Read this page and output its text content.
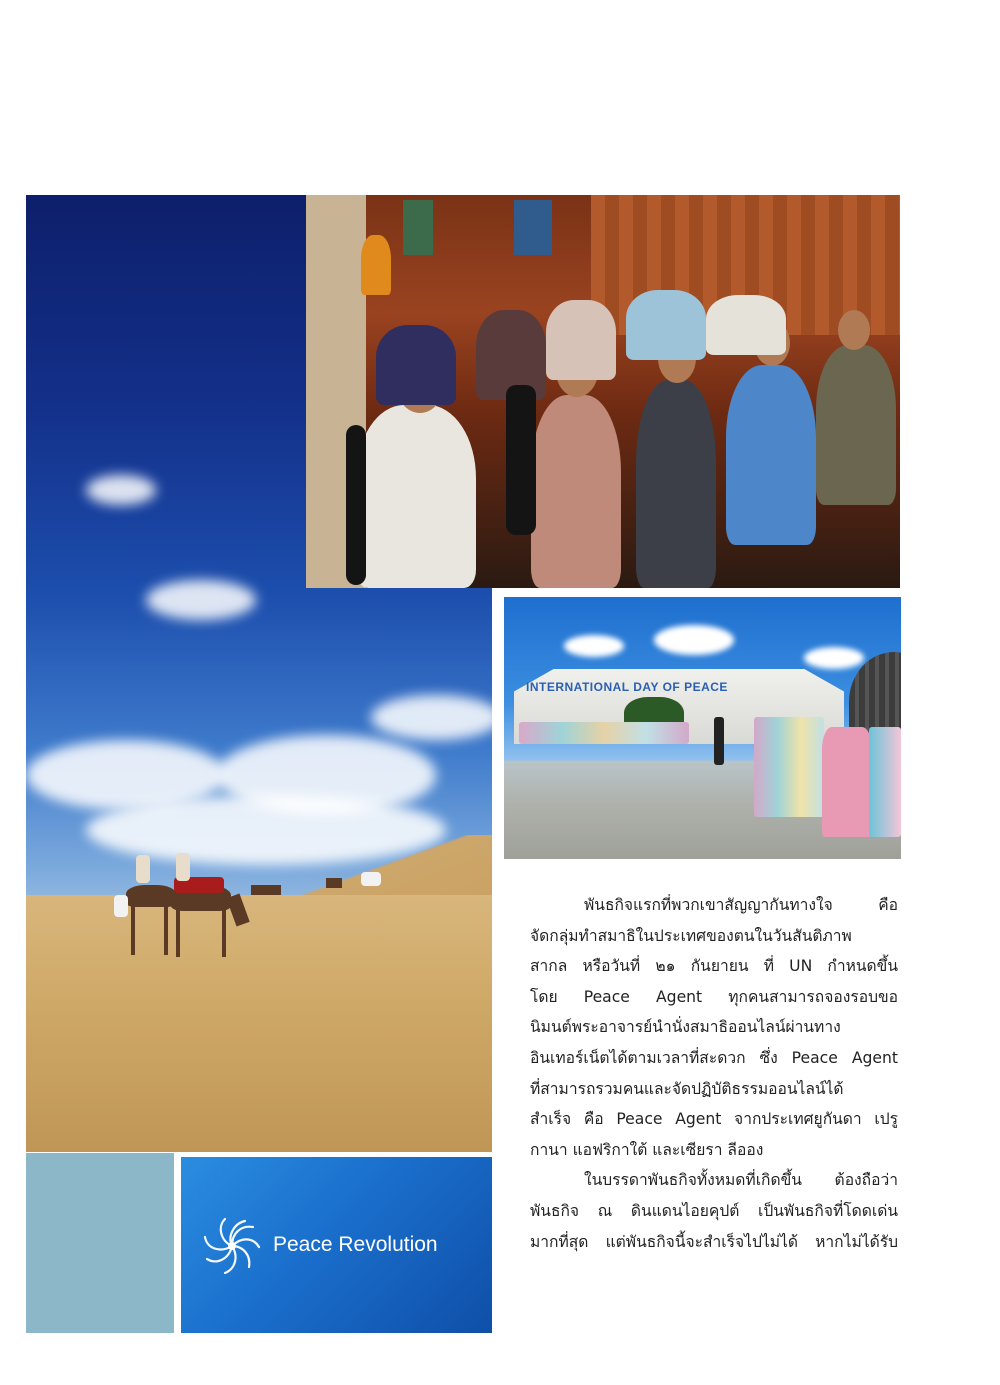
INTERNATIONAL DAY OF PEACE
Peace Revolution
พันธกิจแรกที่พวกเขาสัญญากันทางใจ คือ
จัดกลุ่มทำสมาธิในประเทศของตนในวันสันติภาพ
สากล หรือวันที่ ๒๑ กันยายน ที่ UN กำหนดขึ้น
โดย Peace Agent ทุกคนสามารถจองรอบขอ
นิมนต์พระอาจารย์นำนั่งสมาธิออนไลน์ผ่านทาง
อินเทอร์เน็ตได้ตามเวลาที่สะดวก ซึ่ง Peace Agent
ที่สามารถรวมคนและจัดปฏิบัติธรรมออนไลน์ได้
สำเร็จ คือ Peace Agent จากประเทศยูกันดา เปรู
กานา แอฟริกาใต้ และเซียรา ลีออง
ในบรรดาพันธกิจทั้งหมดที่เกิดขึ้น ต้องถือว่า
พันธกิจ ณ ดินแดนไอยคุปต์ เป็นพันธกิจที่โดดเด่น
มากที่สุด แต่พันธกิจนี้จะสำเร็จไปไม่ได้ หากไม่ได้รับ
